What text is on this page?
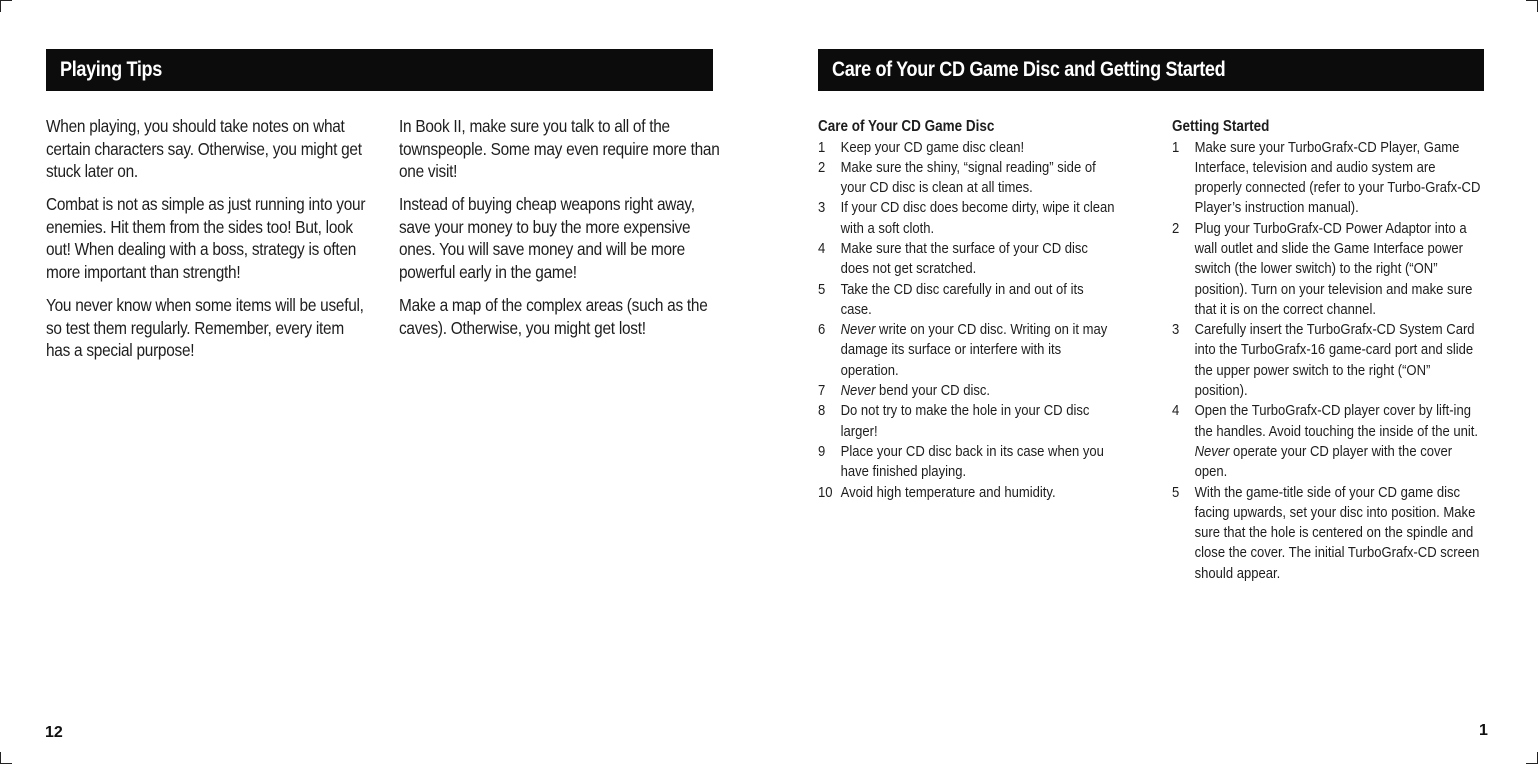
Playing Tips

When playing, you should take notes on what certain characters say. Otherwise, you might get stuck later on.

Combat is not as simple as just running into your enemies. Hit them from the sides too! But, look out! When dealing with a boss, strategy is often more important than strength!

You never know when some items will be useful, so test them regularly. Remember, every item has a special purpose!

In Book II, make sure you talk to all of the townspeople. Some may even require more than one visit!

Instead of buying cheap weapons right away, save your money to buy the more expensive ones. You will save money and will be more powerful early in the game!

Make a map of the complex areas (such as the caves). Otherwise, you might get lost!

12
Care of Your CD Game Disc and Getting Started
Care of Your CD Game Disc
1 Keep your CD game disc clean!
2 Make sure the shiny, “signal reading” side of your CD disc is clean at all times.
3 If your CD disc does become dirty, wipe it clean with a soft cloth.
4 Make sure that the surface of your CD disc does not get scratched.
5 Take the CD disc carefully in and out of its case.
6 Never write on your CD disc. Writing on it may damage its surface or interfere with its operation.
7 Never bend your CD disc.
8 Do not try to make the hole in your CD disc larger!
9 Place your CD disc back in its case when you have finished playing.
10 Avoid high temperature and humidity.
Getting Started
1 Make sure your TurboGrafx-CD Player, Game Interface, television and audio system are properly connected (refer to your Turbo-Grafx-CD Player’s instruction manual).
2 Plug your TurboGrafx-CD Power Adaptor into a wall outlet and slide the Game Interface power switch (the lower switch) to the right (“ON” position). Turn on your television and make sure that it is on the correct channel.
3 Carefully insert the TurboGrafx-CD System Card into the TurboGrafx-16 game-card port and slide the upper power switch to the right (“ON” position).
4 Open the TurboGrafx-CD player cover by lift-ing the handles. Avoid touching the inside of the unit. Never operate your CD player with the cover open.
5 With the game-title side of your CD game disc facing upwards, set your disc into position. Make sure that the hole is centered on the spindle and close the cover. The initial TurboGrafx-CD screen should appear.
1
